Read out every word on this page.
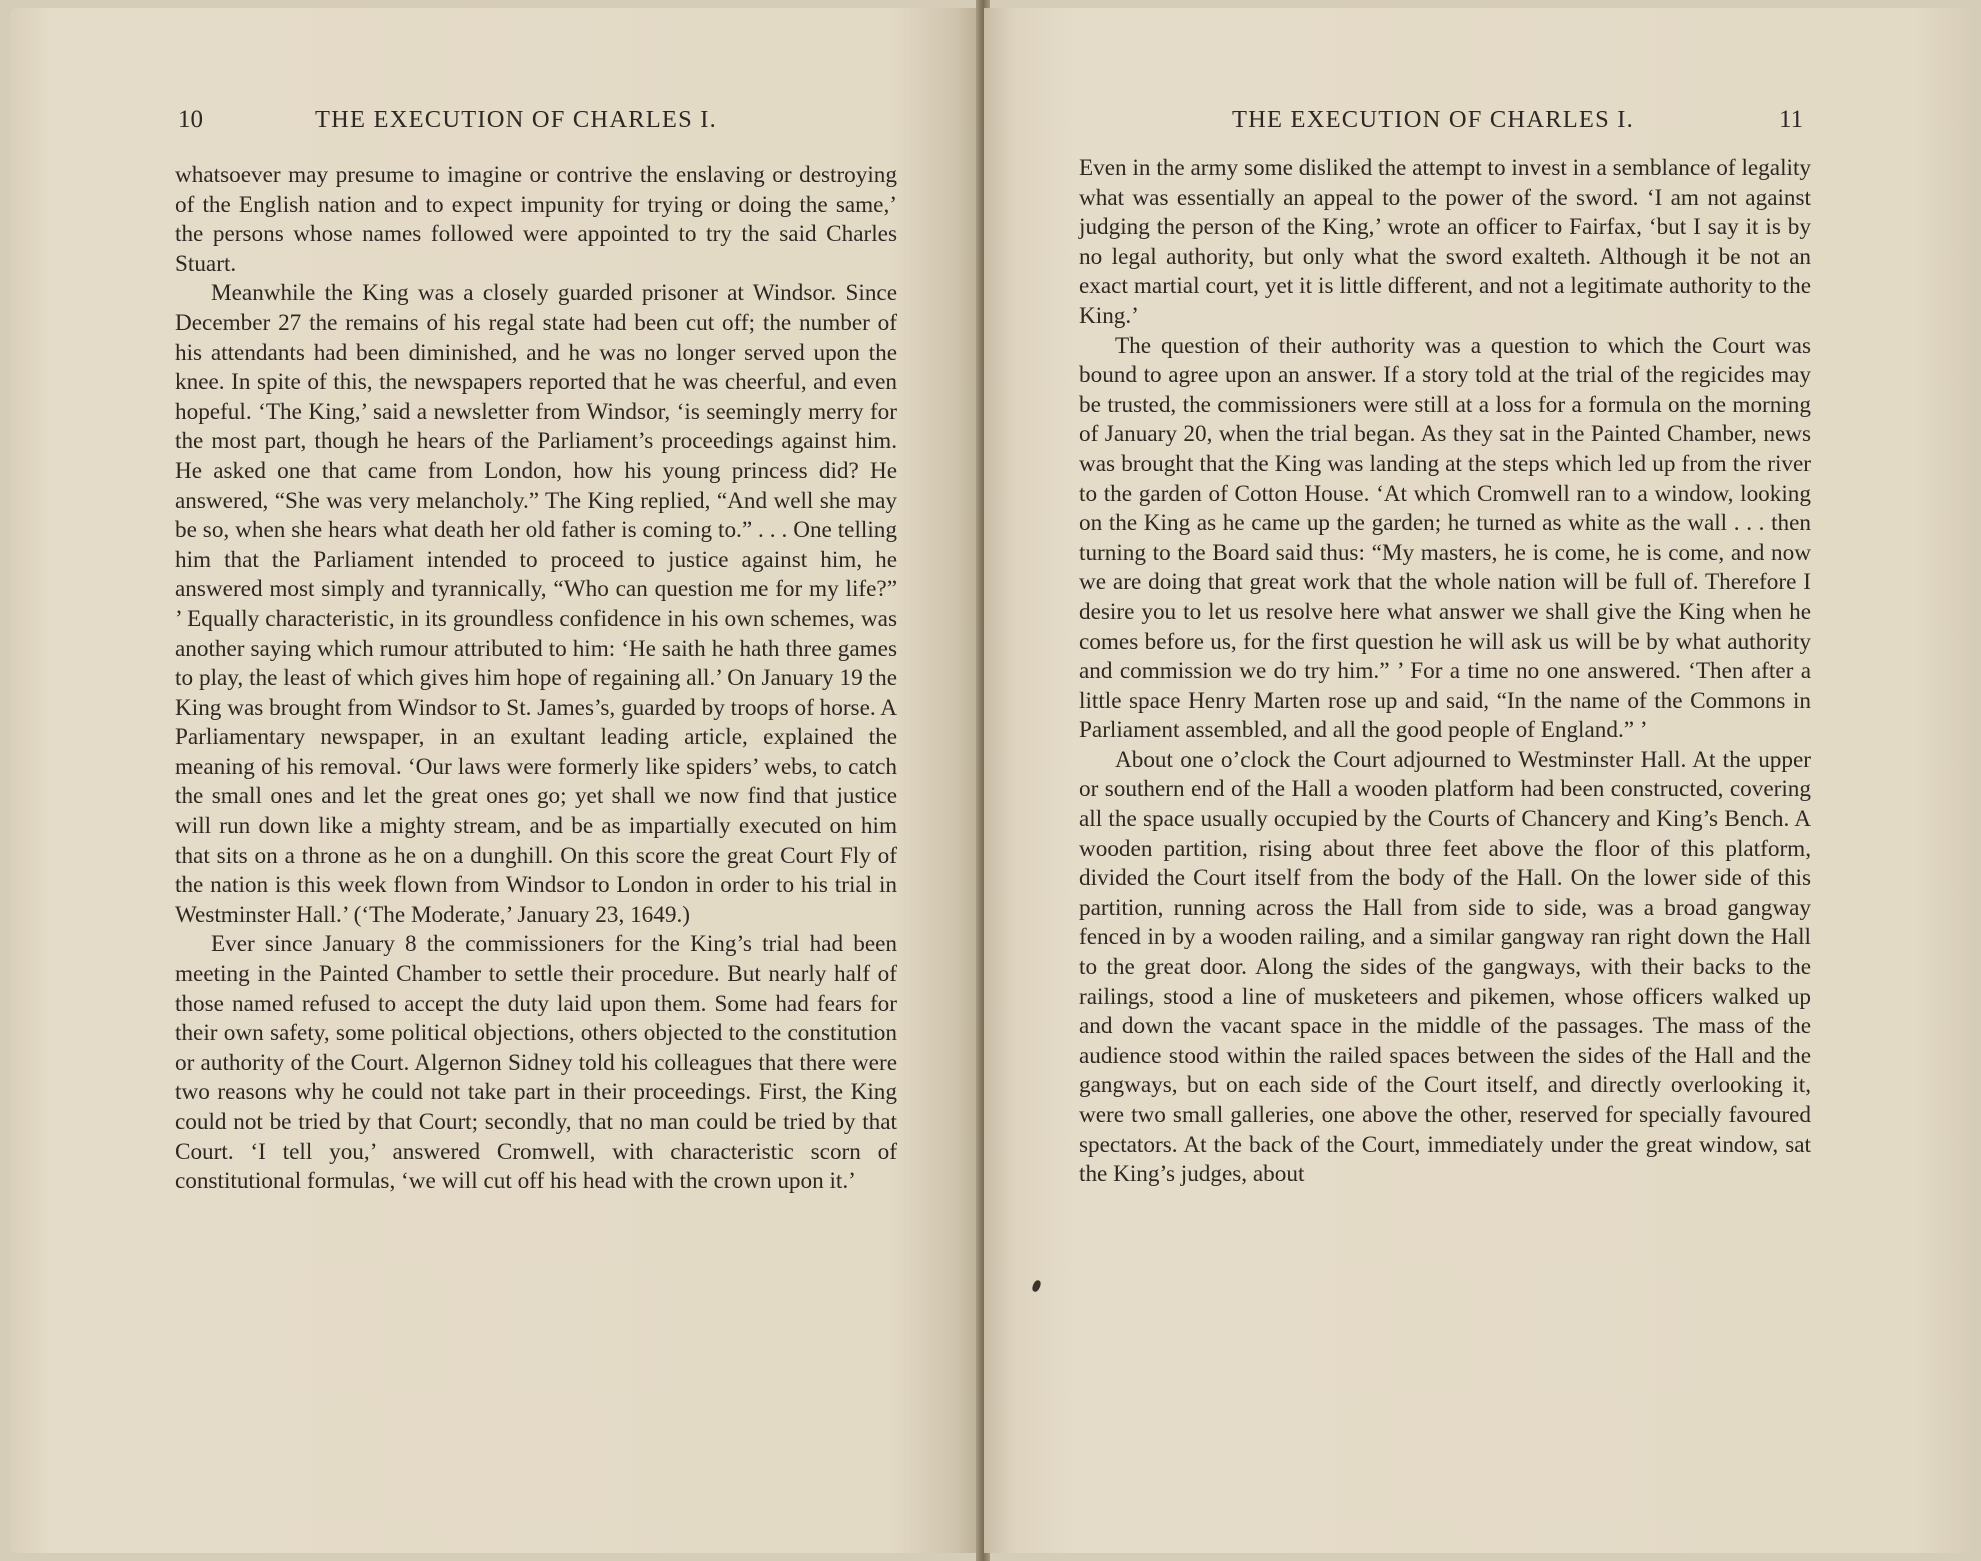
10	THE EXECUTION OF CHARLES I.

whatsoever may presume to imagine or contrive the enslaving or destroying of the English nation and to expect impunity for trying or doing the same,’ the persons whose names followed were appointed to try the said Charles Stuart.

Meanwhile the King was a closely guarded prisoner at Windsor. Since December 27 the remains of his regal state had been cut off; the number of his attendants had been diminished, and he was no longer served upon the knee. In spite of this, the newspapers reported that he was cheerful, and even hopeful. ‘The King,’ said a newsletter from Windsor, ‘is seemingly merry for the most part, though he hears of the Parliament’s proceedings against him. He asked one that came from London, how his young princess did? He answered, “She was very melancholy.” The King replied, “And well she may be so, when she hears what death her old father is coming to.” . . . One telling him that the Parliament intended to proceed to justice against him, he answered most simply and tyrannically, “Who can question me for my life?” ’ Equally characteristic, in its groundless confidence in his own schemes, was another saying which rumour attributed to him: ‘He saith he hath three games to play, the least of which gives him hope of regaining all.’ On January 19 the King was brought from Windsor to St. James’s, guarded by troops of horse. A Parliamentary newspaper, in an exultant leading article, explained the meaning of his removal. ‘Our laws were formerly like spiders’ webs, to catch the small ones and let the great ones go; yet shall we now find that justice will run down like a mighty stream, and be as impartially executed on him that sits on a throne as he on a dunghill. On this score the great Court Fly of the nation is this week flown from Windsor to London in order to his trial in Westminster Hall.’ (‘The Moderate,’ January 23, 1649.)

Ever since January 8 the commissioners for the King’s trial had been meeting in the Painted Chamber to settle their procedure. But nearly half of those named refused to accept the duty laid upon them. Some had fears for their own safety, some political objections, others objected to the constitution or authority of the Court. Algernon Sidney told his colleagues that there were two reasons why he could not take part in their proceedings. First, the King could not be tried by that Court; secondly, that no man could be tried by that Court. ‘I tell you,’ answered Cromwell, with characteristic scorn of constitutional formulas, ‘we will cut off his head with the crown upon it.’

THE EXECUTION OF CHARLES I.	11

Even in the army some disliked the attempt to invest in a semblance of legality what was essentially an appeal to the power of the sword. ‘I am not against judging the person of the King,’ wrote an officer to Fairfax, ‘but I say it is by no legal authority, but only what the sword exalteth. Although it be not an exact martial court, yet it is little different, and not a legitimate authority to the King.’

The question of their authority was a question to which the Court was bound to agree upon an answer. If a story told at the trial of the regicides may be trusted, the commissioners were still at a loss for a formula on the morning of January 20, when the trial began. As they sat in the Painted Chamber, news was brought that the King was landing at the steps which led up from the river to the garden of Cotton House. ‘At which Cromwell ran to a window, looking on the King as he came up the garden; he turned as white as the wall . . . then turning to the Board said thus: “My masters, he is come, he is come, and now we are doing that great work that the whole nation will be full of. Therefore I desire you to let us resolve here what answer we shall give the King when he comes before us, for the first question he will ask us will be by what authority and commission we do try him.” ’ For a time no one answered. ‘Then after a little space Henry Marten rose up and said, “In the name of the Commons in Parliament assembled, and all the good people of England.” ’

About one o’clock the Court adjourned to Westminster Hall. At the upper or southern end of the Hall a wooden platform had been constructed, covering all the space usually occupied by the Courts of Chancery and King’s Bench. A wooden partition, rising about three feet above the floor of this platform, divided the Court itself from the body of the Hall. On the lower side of this partition, running across the Hall from side to side, was a broad gangway fenced in by a wooden railing, and a similar gangway ran right down the Hall to the great door. Along the sides of the gangways, with their backs to the railings, stood a line of musketeers and pikemen, whose officers walked up and down the vacant space in the middle of the passages. The mass of the audience stood within the railed spaces between the sides of the Hall and the gangways, but on each side of the Court itself, and directly overlooking it, were two small galleries, one above the other, reserved for specially favoured spectators. At the back of the Court, immediately under the great window, sat the King’s judges, about
